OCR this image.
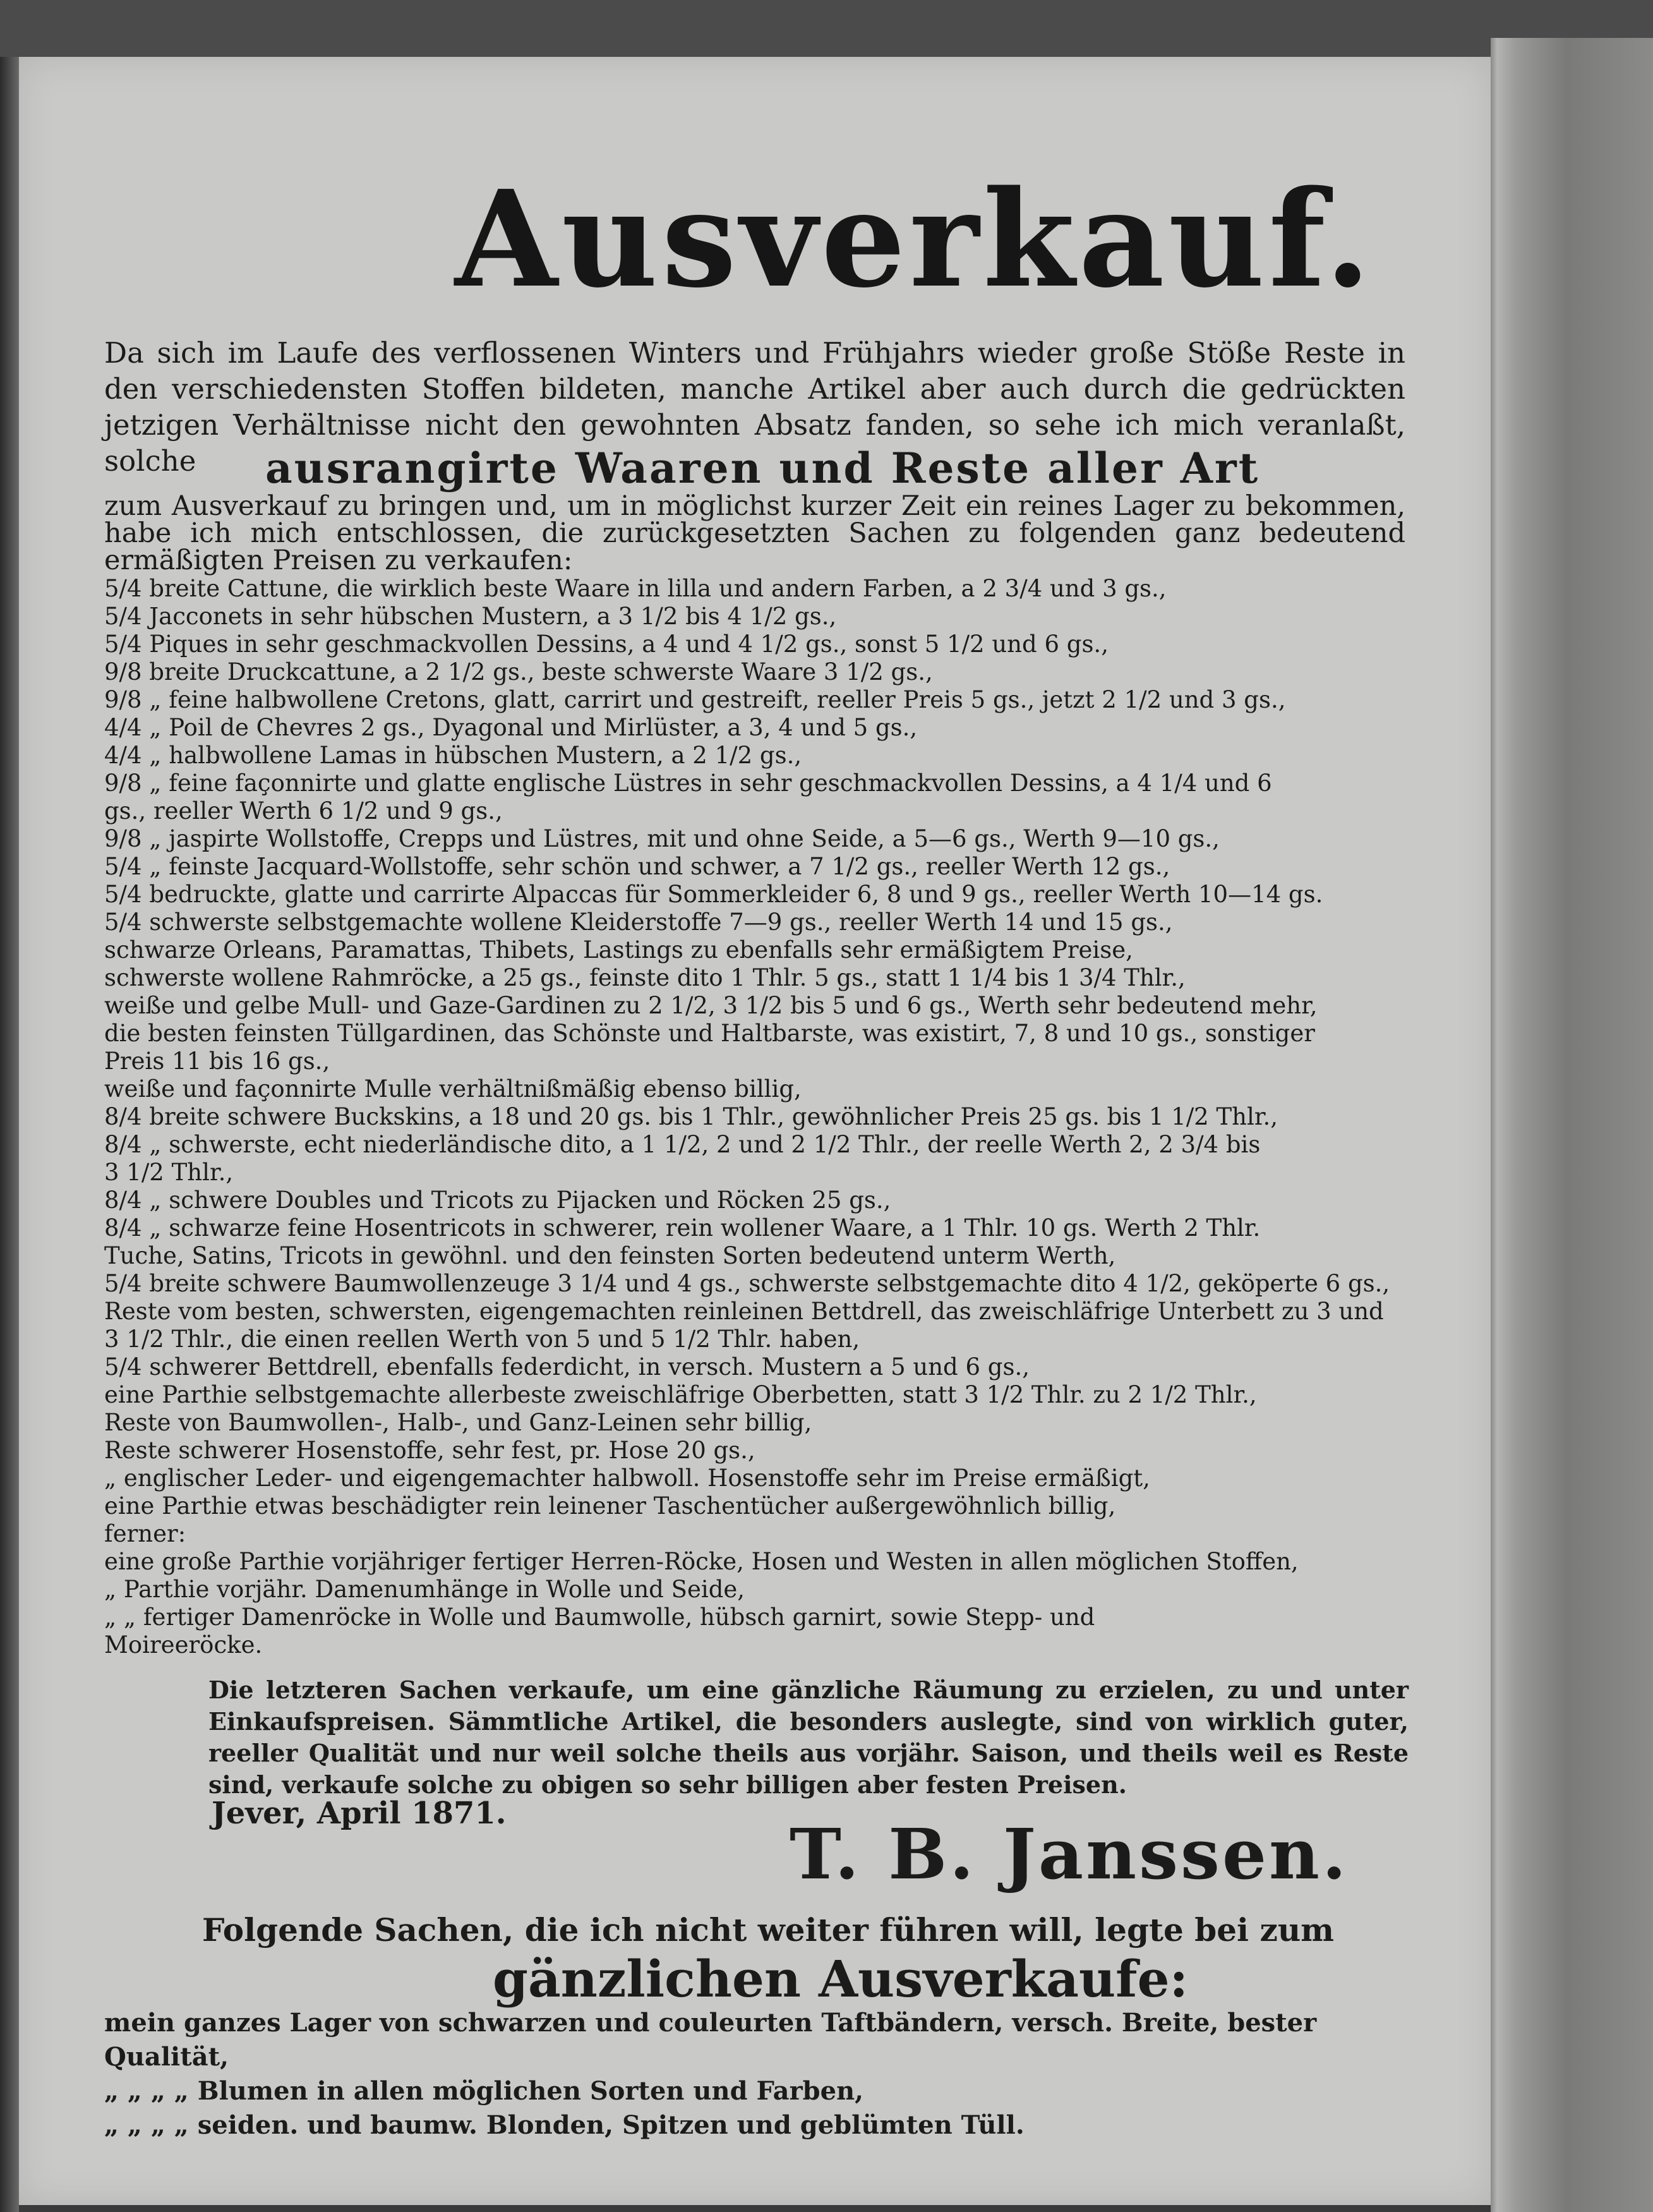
Ausverkauf.
Da sich im Laufe des verflossenen Winters und Frühjahrs wieder große Stöße Reste in den verschiedensten Stoffen bildeten, manche Artikel aber auch durch die gedrückten jetzigen Verhältnisse nicht den gewohnten Absatz fanden, so sehe ich mich veranlaßt, solche	ausrangirte Waaren und Reste aller Art
zum Ausverkauf zu bringen und, um in möglichst kurzer Zeit ein reines Lager zu bekommen, habe ich mich entschlossen, die zurückgesetzten Sachen zu folgenden ganz bedeutend ermäßigten Preisen zu verkaufen:
5/4 breite Cattune, die wirklich beste Waare in lilla und andern Farben, a 2 3/4 und 3 gs.,
5/4 Jacconets in sehr hübschen Mustern, a 3 1/2 bis 4 1/2 gs.,
5/4 Piques in sehr geschmackvollen Dessins, a 4 und 4 1/2 gs., sonst 5 1/2 und 6 gs.,
9/8 breite Druckcattune, a 2 1/2 gs., beste schwerste Waare 3 1/2 gs.,
9/8 „ feine halbwollene Cretons, glatt, carrirt und gestreift, reeller Preis 5 gs., jetzt 2 1/2 und 3 gs.,
4/4 „ Poil de Chevres 2 gs., Dyagonal und Mirlüster, a 3, 4 und 5 gs.,
4/4 „ halbwollene Lamas in hübschen Mustern, a 2 1/2 gs.,
9/8 „ feine façonnirte und glatte englische Lüstres in sehr geschmackvollen Dessins, a 4 1/4 und 6
gs., reeller Werth 6 1/2 und 9 gs.,
9/8 „ jaspirte Wollstoffe, Crepps und Lüstres, mit und ohne Seide, a 5—6 gs., Werth 9—10 gs.,
5/4 „ feinste Jacquard-Wollstoffe, sehr schön und schwer, a 7 1/2 gs., reeller Werth 12 gs.,
5/4 bedruckte, glatte und carrirte Alpaccas für Sommerkleider 6, 8 und 9 gs., reeller Werth 10—14 gs.
5/4 schwerste selbstgemachte wollene Kleiderstoffe 7—9 gs., reeller Werth 14 und 15 gs.,
schwarze Orleans, Paramattas, Thibets, Lastings zu ebenfalls sehr ermäßigtem Preise,
schwerste wollene Rahmröcke, a 25 gs., feinste dito 1 Thlr. 5 gs., statt 1 1/4 bis 1 3/4 Thlr.,
weiße und gelbe Mull- und Gaze-Gardinen zu 2 1/2, 3 1/2 bis 5 und 6 gs., Werth sehr bedeutend mehr,
die besten feinsten Tüllgardinen, das Schönste und Haltbarste, was existirt, 7, 8 und 10 gs., sonstiger
Preis 11 bis 16 gs.,
weiße und façonnirte Mulle verhältnißmäßig ebenso billig,
8/4 breite schwere Buckskins, a 18 und 20 gs. bis 1 Thlr., gewöhnlicher Preis 25 gs. bis 1 1/2 Thlr.,
8/4 „ schwerste, echt niederländische dito, a 1 1/2, 2 und 2 1/2 Thlr., der reelle Werth 2, 2 3/4 bis
3 1/2 Thlr.,
8/4 „ schwere Doubles und Tricots zu Pijacken und Röcken 25 gs.,
8/4 „ schwarze feine Hosentricots in schwerer, rein wollener Waare, a 1 Thlr. 10 gs. Werth 2 Thlr.
Tuche, Satins, Tricots in gewöhnl. und den feinsten Sorten bedeutend unterm Werth,
5/4 breite schwere Baumwollenzeuge 3 1/4 und 4 gs., schwerste selbstgemachte dito 4 1/2, geköperte 6 gs.,
Reste vom besten, schwersten, eigengemachten reinleinen Bettdrell, das zweischläfrige Unterbett zu 3 und
3 1/2 Thlr., die einen reellen Werth von 5 und 5 1/2 Thlr. haben,
5/4 schwerer Bettdrell, ebenfalls federdicht, in versch. Mustern a 5 und 6 gs.,
eine Parthie selbstgemachte allerbeste zweischläfrige Oberbetten, statt 3 1/2 Thlr. zu 2 1/2 Thlr.,
Reste von Baumwollen-, Halb-, und Ganz-Leinen sehr billig,
Reste schwerer Hosenstoffe, sehr fest, pr. Hose 20 gs.,
„ englischer Leder- und eigengemachter halbwoll. Hosenstoffe sehr im Preise ermäßigt,
eine Parthie etwas beschädigter rein leinener Taschentücher außergewöhnlich billig,
ferner:
eine große Parthie vorjähriger fertiger Herren-Röcke, Hosen und Westen in allen möglichen Stoffen,
„ Parthie vorjähr. Damenumhänge in Wolle und Seide,
„ „ fertiger Damenröcke in Wolle und Baumwolle, hübsch garnirt, sowie Stepp- und
Moireeröcke.
Die letzteren Sachen verkaufe, um eine gänzliche Räumung zu erzielen, zu und unter Einkaufspreisen. Sämmtliche Artikel, die besonders auslegte, sind von wirklich guter, reeller Qualität und nur weil solche theils aus vorjähr. Saison, und theils weil es Reste sind, verkaufe solche zu obigen so sehr billigen aber festen Preisen.
Jever, April 1871.	T. B. Janssen.
Folgende Sachen, die ich nicht weiter führen will, legte bei zum
gänzlichen Ausverkaufe:
mein ganzes Lager von schwarzen und couleurten Taftbändern, versch. Breite, bester Qualität,
„ „ „ „ Blumen in allen möglichen Sorten und Farben,
„ „ „ „ seiden. und baumw. Blonden, Spitzen und geblümten Tüll.
